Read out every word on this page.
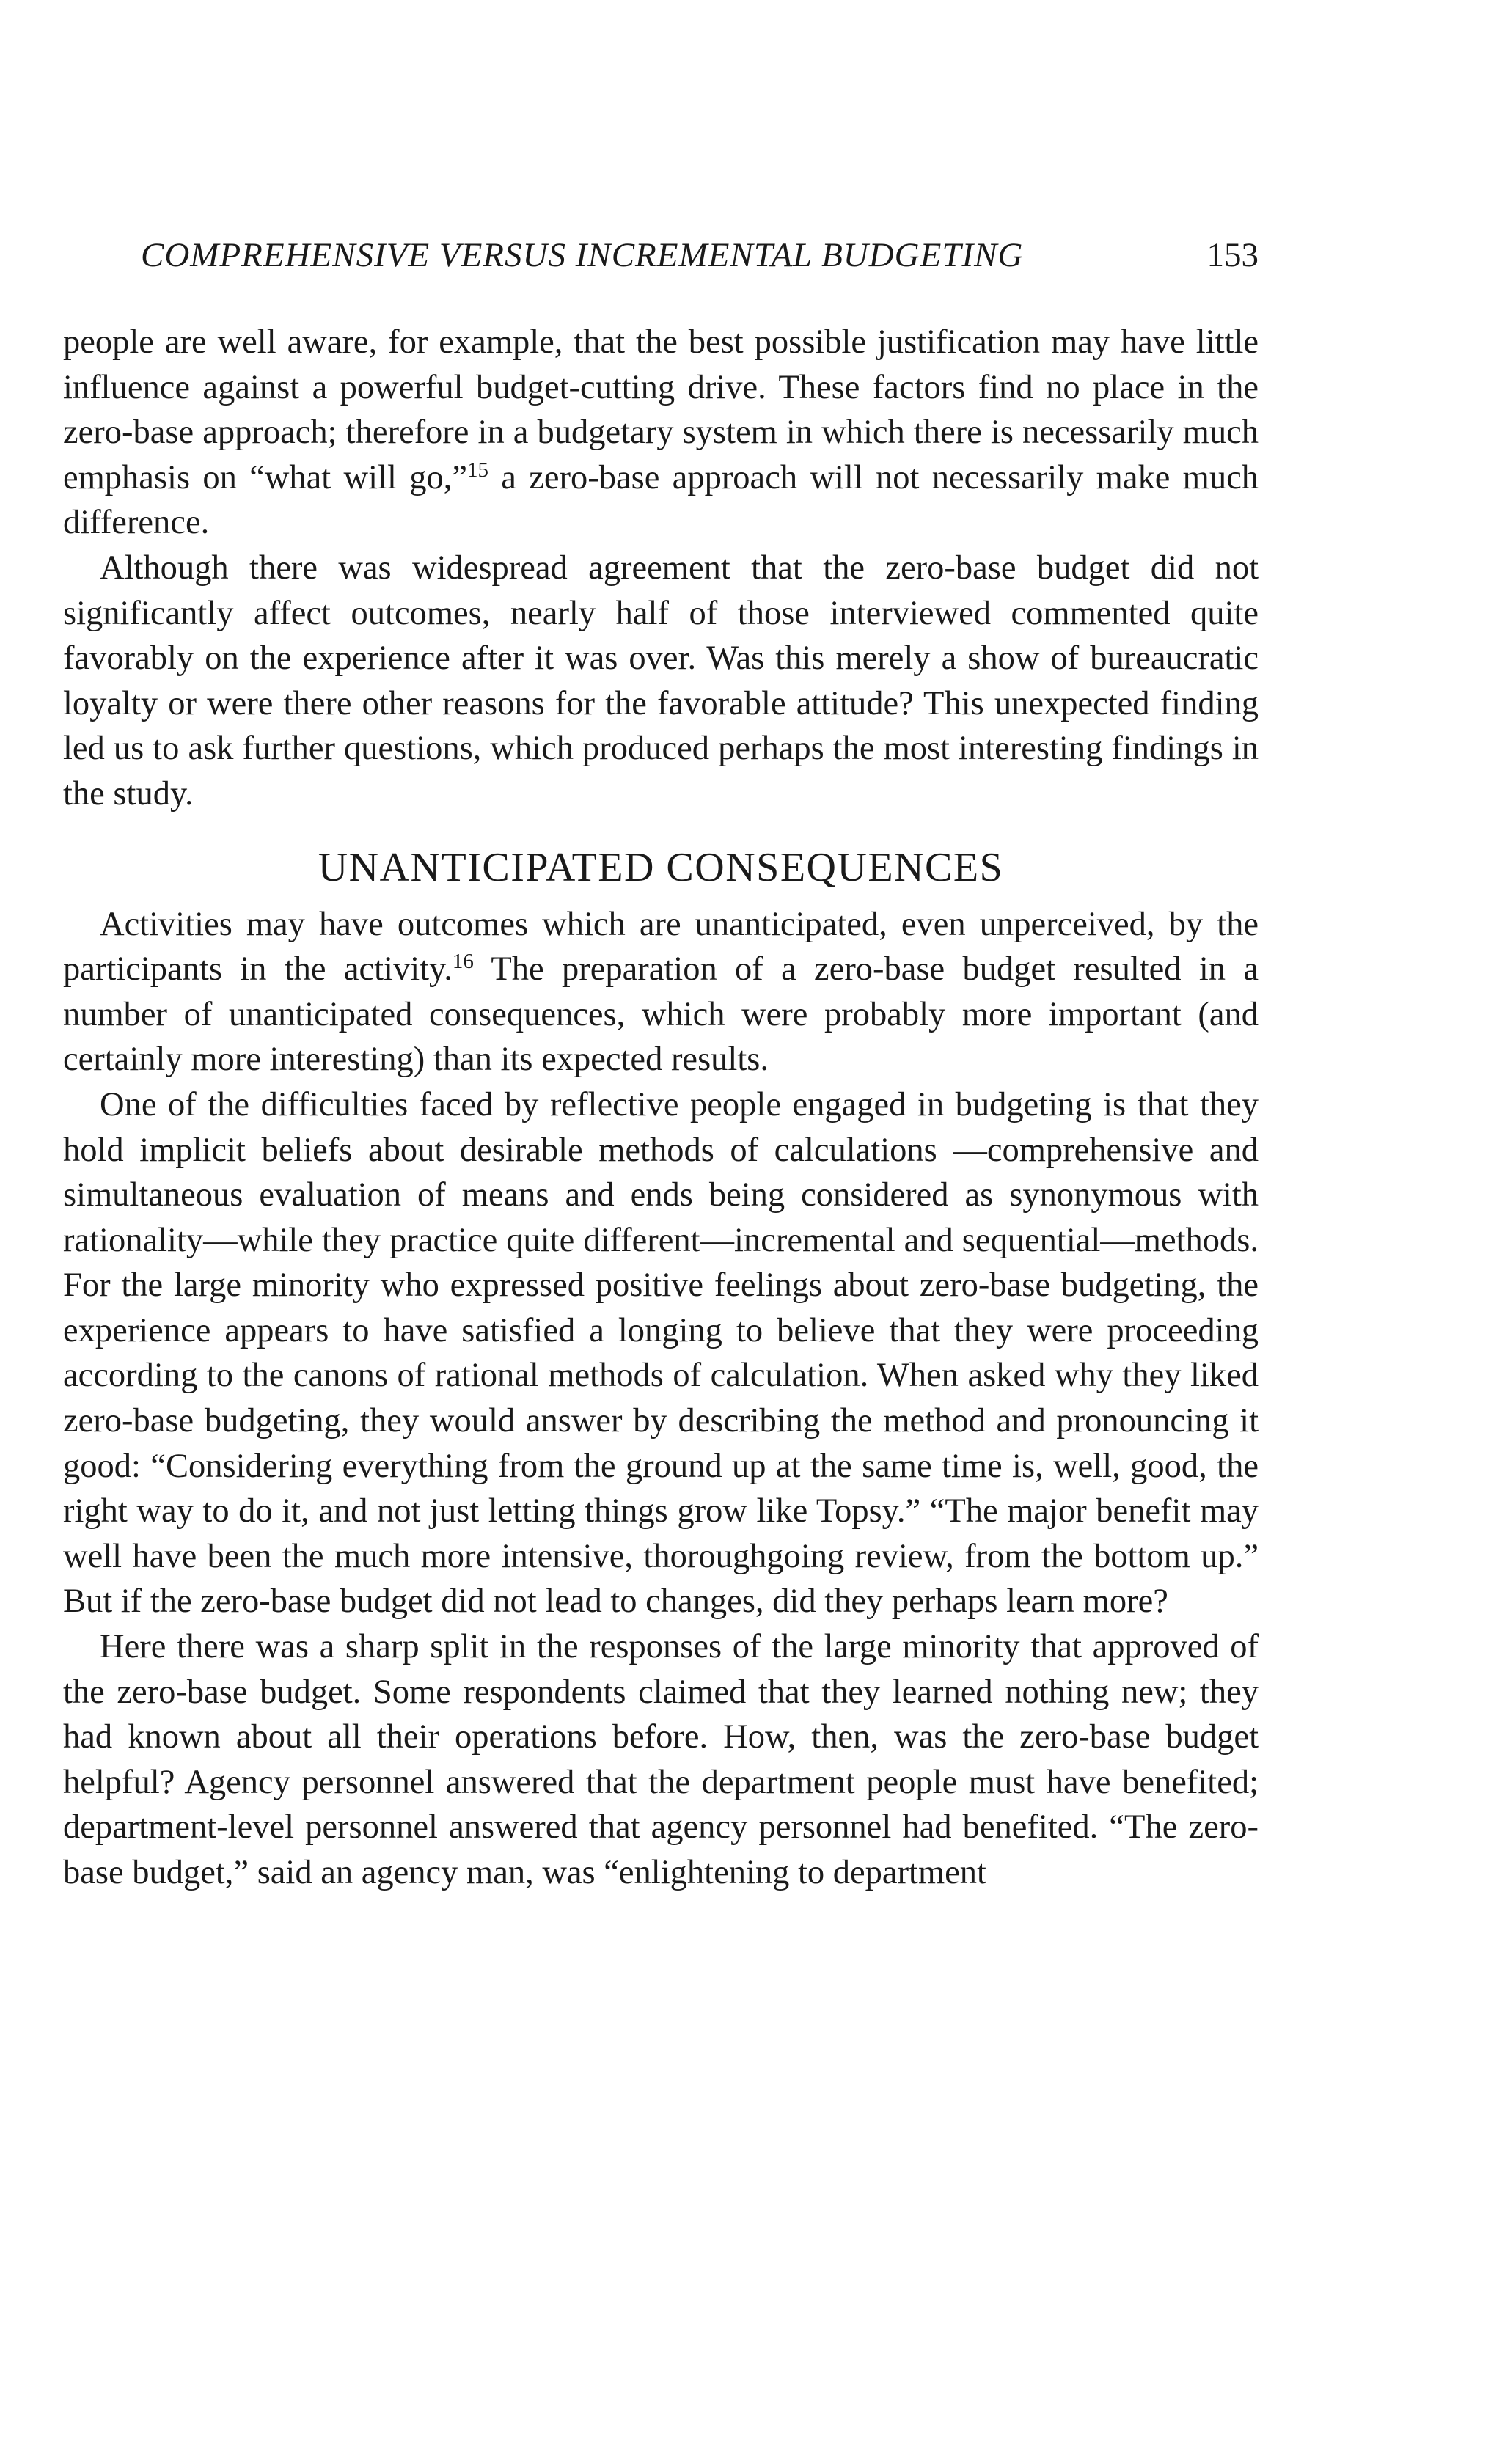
COMPREHENSIVE VERSUS INCREMENTAL BUDGETING	153

people are well aware, for example, that the best possible justification may have little influence against a powerful budget-cutting drive. These factors find no place in the zero-base approach; therefore in a budgetary system in which there is necessarily much emphasis on “what will go,”$^{15}$ a zero-base approach will not necessarily make much difference.

Although there was widespread agreement that the zero-base budget did not significantly affect outcomes, nearly half of those interviewed commented quite favorably on the experience after it was over. Was this merely a show of bureaucratic loyalty or were there other reasons for the favorable attitude? This unexpected finding led us to ask further questions, which produced perhaps the most interesting findings in the study.

UNANTICIPATED CONSEQUENCES

Activities may have outcomes which are unanticipated, even unperceived, by the participants in the activity.$^{16}$ The preparation of a zero-base budget resulted in a number of unanticipated consequences, which were probably more important (and certainly more interesting) than its expected results.

One of the difficulties faced by reflective people engaged in budgeting is that they hold implicit beliefs about desirable methods of calculations —comprehensive and simultaneous evaluation of means and ends being considered as synonymous with rationality—while they practice quite different—incremental and sequential—methods. For the large minority who expressed positive feelings about zero-base budgeting, the experience appears to have satisfied a longing to believe that they were proceeding according to the canons of rational methods of calculation. When asked why they liked zero-base budgeting, they would answer by describing the method and pronouncing it good: “Considering everything from the ground up at the same time is, well, good, the right way to do it, and not just letting things grow like Topsy.” “The major benefit may well have been the much more intensive, thoroughgoing review, from the bottom up.” But if the zero-base budget did not lead to changes, did they perhaps learn more?

Here there was a sharp split in the responses of the large minority that approved of the zero-base budget. Some respondents claimed that they learned nothing new; they had known about all their operations before. How, then, was the zero-base budget helpful? Agency personnel answered that the department people must have benefited; department-level personnel answered that agency personnel had benefited. “The zero-base budget,” said an agency man, was “enlightening to department
